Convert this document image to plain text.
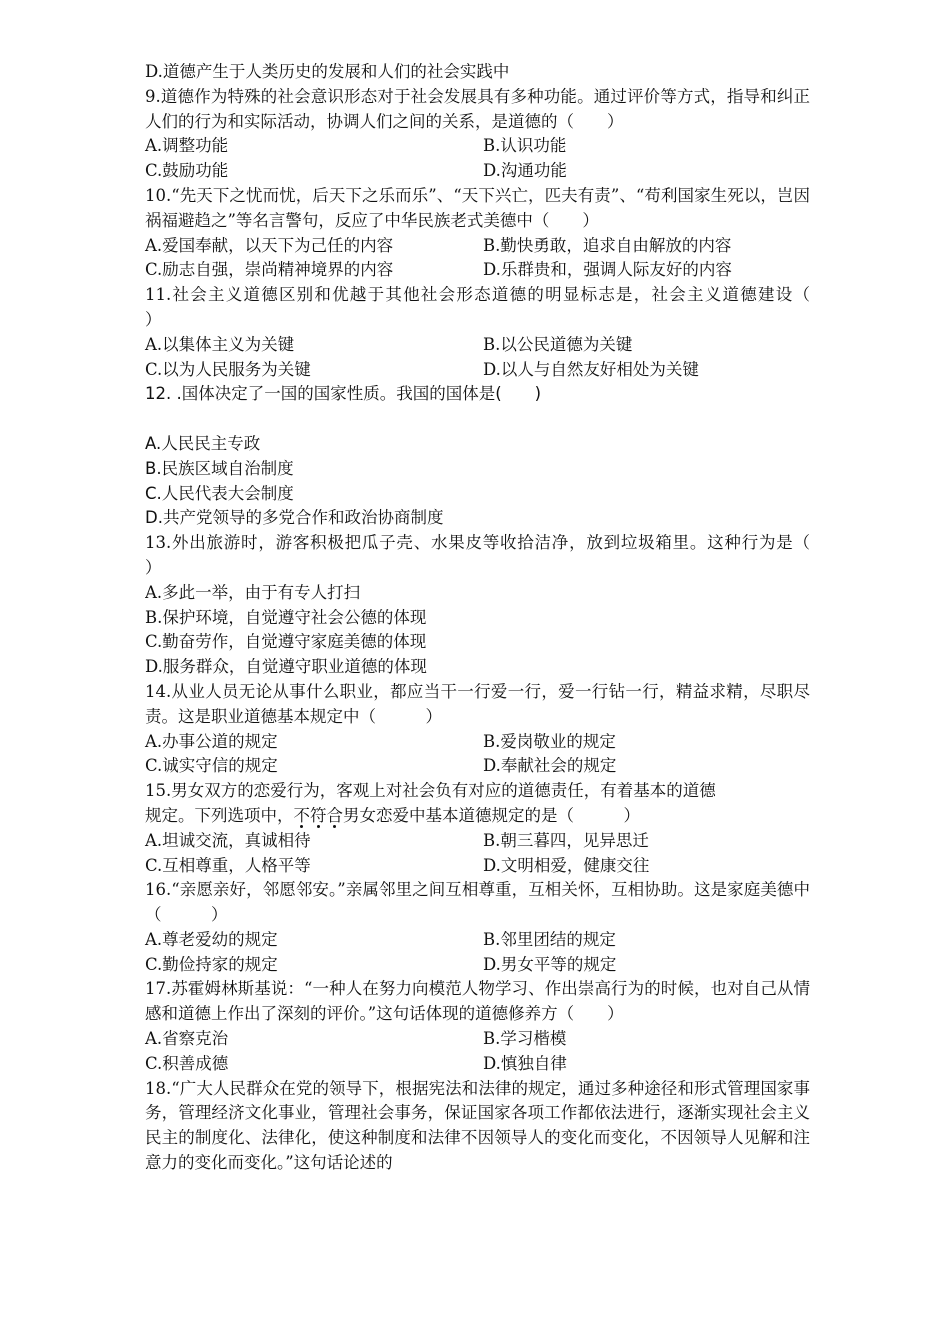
D.道德产生于人类历史的发展和人们的社会实践中
9.道德作为特殊的社会意识形态对于社会发展具有多种功能。通过评价等方式，指导和纠正人们的行为和实际活动，协调人们之间的关系，是道德的（　　）
A.调整功能	B.认识功能
C.鼓励功能	D.沟通功能
10.“先天下之忧而忧，后天下之乐而乐”、“天下兴亡，匹夫有责”、“苟利国家生死以，岂因祸福避趋之”等名言警句，反应了中华民族老式美德中（　　）
A.爱国奉献，以天下为己任的内容	B.勤快勇敢，追求自由解放的内容
C.励志自强，崇尚精神境界的内容	D.乐群贵和，强调人际友好的内容
11.社会主义道德区别和优越于其他社会形态道德的明显标志是，社会主义道德建设（　　　）
A.以集体主义为关键	B.以公民道德为关键
C.以为人民服务为关键	D.以人与自然友好相处为关键
12. .国体决定了一国的国家性质。我国的国体是(　　)
A.人民民主专政
B.民族区域自治制度
C.人民代表大会制度
D.共产党领导的多党合作和政治协商制度
13.外出旅游时，游客积极把瓜子壳、水果皮等收拾洁净，放到垃圾箱里。这种行为是（　　　）
A.多此一举，由于有专人打扫
B.保护环境，自觉遵守社会公德的体现
C.勤奋劳作，自觉遵守家庭美德的体现
D.服务群众，自觉遵守职业道德的体现
14.从业人员无论从事什么职业，都应当干一行爱一行，爱一行钻一行，精益求精，尽职尽责。这是职业道德基本规定中（　　　）
A.办事公道的规定	B.爱岗敬业的规定
C.诚实守信的规定	D.奉献社会的规定
15.男女双方的恋爱行为，客观上对社会负有对应的道德责任，有着基本的道德
规定。下列选项中，不符合男女恋爱中基本道德规定的是（　　　）
A.坦诚交流，真诚相待	B.朝三暮四，见异思迁
C.互相尊重，人格平等	D.文明相爱，健康交往
16.“亲愿亲好，邻愿邻安。”亲属邻里之间互相尊重，互相关怀，互相协助。这是家庭美德中（　　　）
A.尊老爱幼的规定	B.邻里团结的规定
C.勤俭持家的规定	D.男女平等的规定
17.苏霍姆林斯基说：“一种人在努力向模范人物学习、作出崇高行为的时候，也对自己从情感和道德上作出了深刻的评价。”这句话体现的道德修养方（　　）
A.省察克治	B.学习楷模
C.积善成德	D.慎独自律
18.“广大人民群众在党的领导下，根据宪法和法律的规定，通过多种途径和形式管理国家事务，管理经济文化事业，管理社会事务，保证国家各项工作都依法进行，逐渐实现社会主义民主的制度化、法律化，使这种制度和法律不因领导人的变化而变化，不因领导人见解和注意力的变化而变化。”这句话论述的
